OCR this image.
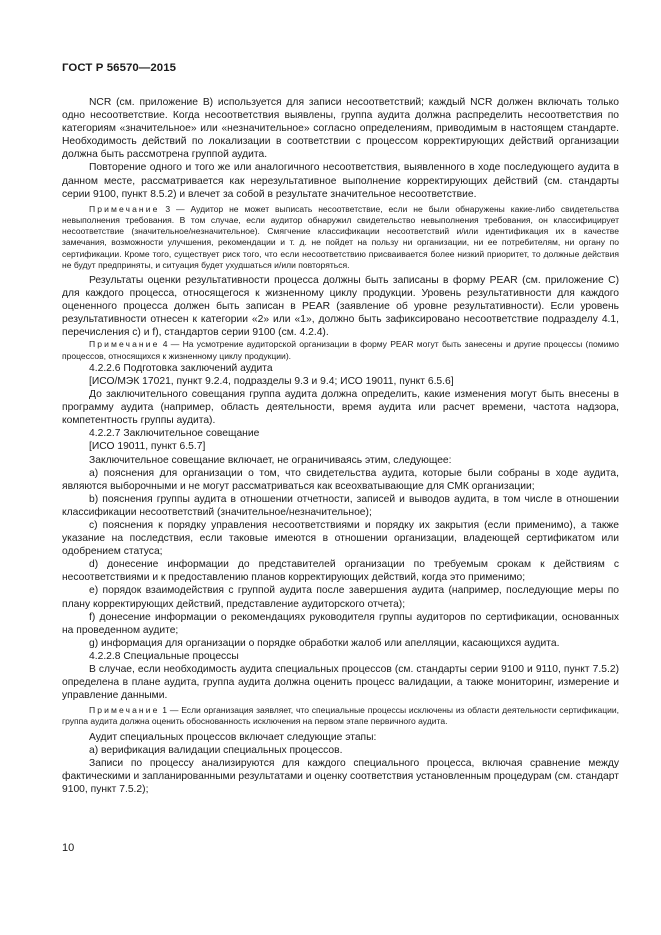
ГОСТ Р 56570—2015

NCR (см. приложение B) используется для записи несоответствий; каждый NCR должен включать только одно несоответствие. Когда несоответствия выявлены, группа аудита должна распределить несоответствия по категориям «значительное» или «незначительное» согласно определениям, приводимым в настоящем стандарте. Необходимость действий по локализации в соответствии с процессом корректирующих действий организации должна быть рассмотрена группой аудита.

Повторение одного и того же или аналогичного несоответствия, выявленного в ходе последующего аудита в данном месте, рассматривается как нерезультативное выполнение корректирующих действий (см. стандарты серии 9100, пункт 8.5.2) и влечет за собой в результате значительное несоответствие.

Примечание 3 — Аудитор не может выписать несоответствие, если не были обнаружены какие-либо свидетельства невыполнения требования. В том случае, если аудитор обнаружил свидетельство невыполнения требования, он классифицирует несоответствие (значительное/незначительное). Смягчение классификации несоответствий и/или идентификация их в качестве замечания, возможности улучшения, рекомендации и т. д. не пойдет на пользу ни организации, ни ее потребителям, ни органу по сертификации. Кроме того, существует риск того, что если несоответствию присваивается более низкий приоритет, то должные действия не будут предприняты, и ситуация будет ухудшаться и/или повторяться.

Результаты оценки результативности процесса должны быть записаны в форму PEAR (см. приложение C) для каждого процесса, относящегося к жизненному циклу продукции. Уровень результативности для каждого оцененного процесса должен быть записан в PEAR (заявление об уровне результативности). Если уровень результативности отнесен к категории «2» или «1», должно быть зафиксировано несоответствие подразделу 4.1, перечисления c) и f), стандартов серии 9100 (см. 4.2.4).

Примечание 4 — На усмотрение аудиторской организации в форму PEAR могут быть занесены и другие процессы (помимо процессов, относящихся к жизненному циклу продукции).

4.2.2.6 Подготовка заключений аудита

[ИСО/МЭК 17021, пункт 9.2.4, подразделы 9.3 и 9.4; ИСО 19011, пункт 6.5.6]

До заключительного совещания группа аудита должна определить, какие изменения могут быть внесены в программу аудита (например, область деятельности, время аудита или расчет времени, частота надзора, компетентность группы аудита).

4.2.2.7 Заключительное совещание

[ИСО 19011, пункт 6.5.7]

Заключительное совещание включает, не ограничиваясь этим, следующее:

a) пояснения для организации о том, что свидетельства аудита, которые были собраны в ходе аудита, являются выборочными и не могут рассматриваться как всеохватывающие для СМК организации;

b) пояснения группы аудита в отношении отчетности, записей и выводов аудита, в том числе в отношении классификации несоответствий (значительное/незначительное);

c) пояснения к порядку управления несоответствиями и порядку их закрытия (если применимо), а также указание на последствия, если таковые имеются в отношении организации, владеющей сертификатом или одобрением статуса;

d) донесение информации до представителей организации по требуемым срокам к действиям c несоответствиями и к предоставлению планов корректирующих действий, когда это применимо;

e) порядок взаимодействия с группой аудита после завершения аудита (например, последующие меры по плану корректирующих действий, представление аудиторского отчета);

f) донесение информации о рекомендациях руководителя группы аудиторов по сертификации, основанных на проведенном аудите;

g) информация для организации о порядке обработки жалоб или апелляции, касающихся аудита.

4.2.2.8 Специальные процессы

В случае, если необходимость аудита специальных процессов (см. стандарты серии 9100 и 9110, пункт 7.5.2) определена в плане аудита, группа аудита должна оценить процесс валидации, а также мониторинг, измерение и управление данными.

Примечание 1 — Если организация заявляет, что специальные процессы исключены из области деятельности сертификации, группа аудита должна оценить обоснованность исключения на первом этапе первичного аудита.

Аудит специальных процессов включает следующие этапы:

a) верификация валидации специальных процессов.

Записи по процессу анализируются для каждого специального процесса, включая сравнение между фактическими и запланированными результатами и оценку соответствия установленным процедурам (см. стандарт 9100, пункт 7.5.2);

10
